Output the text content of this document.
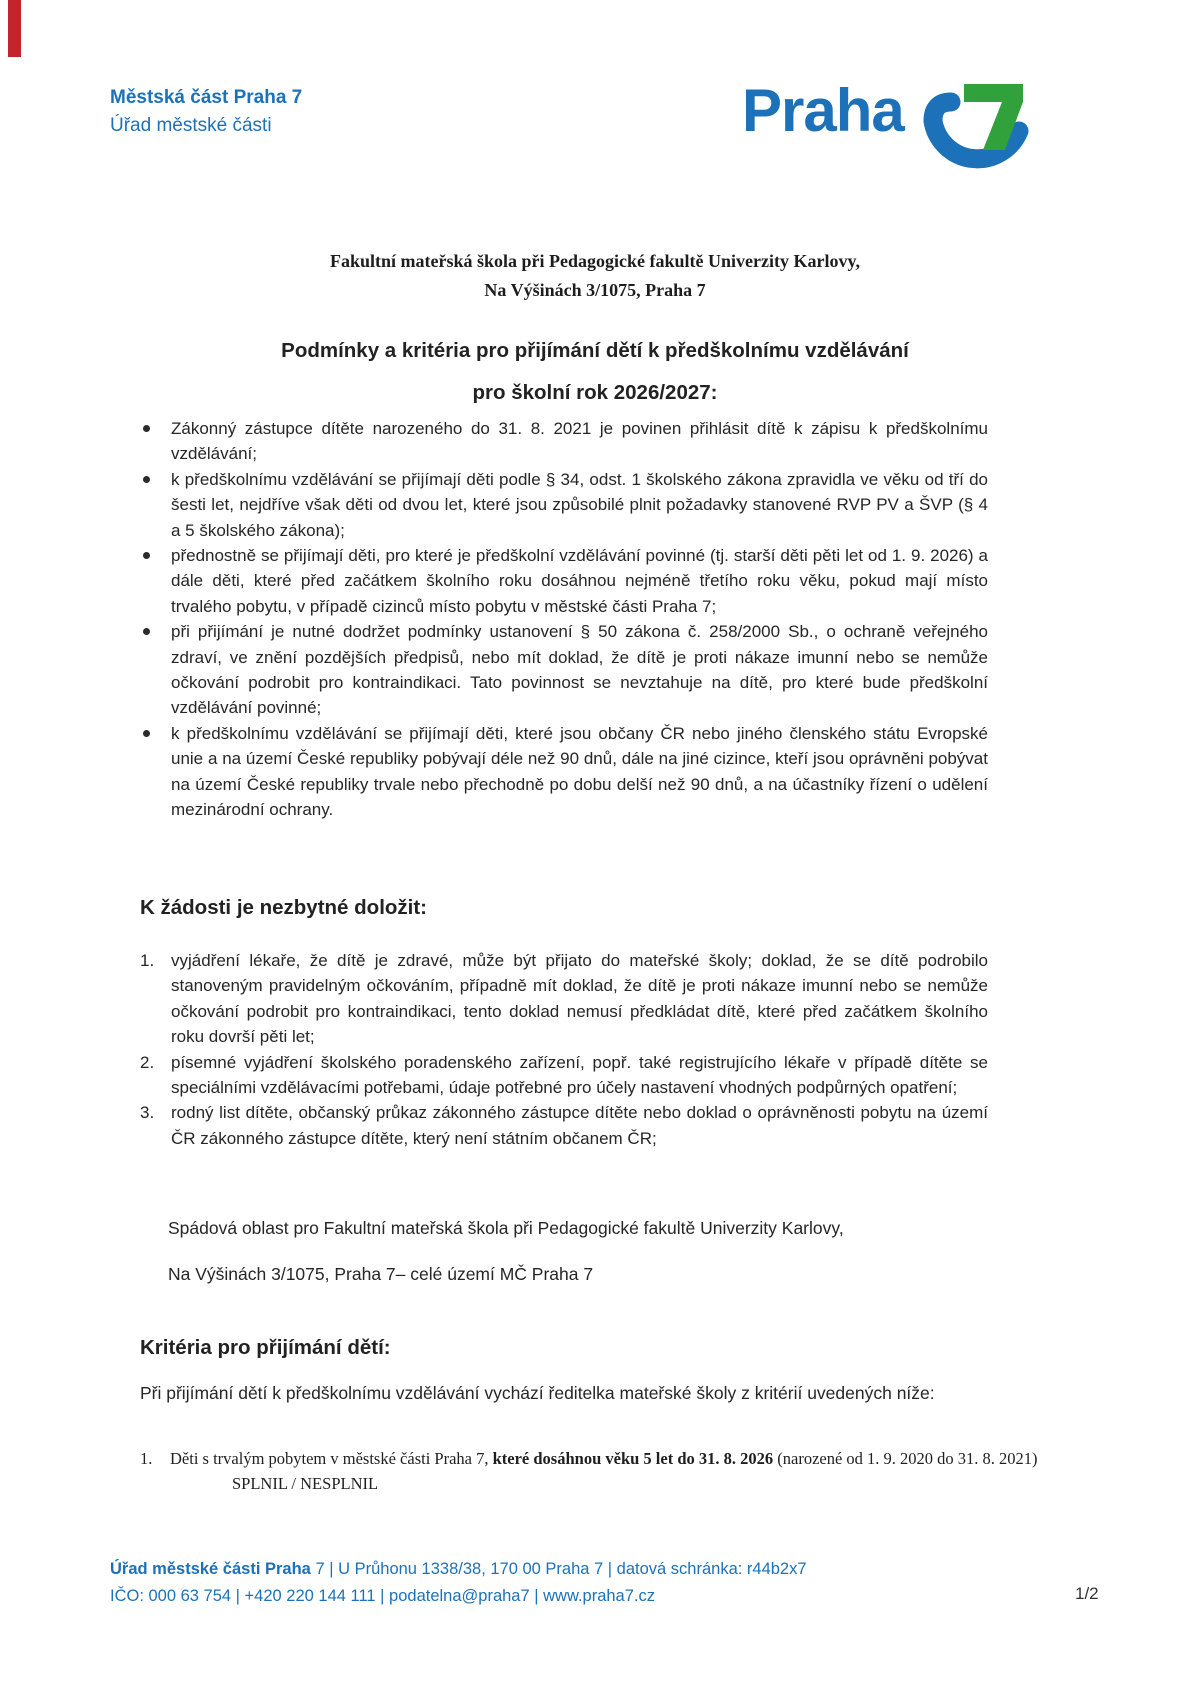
Městská část Praha 7
Úřad městské části	Praha
Fakultní mateřská škola při Pedagogické fakultě Univerzity Karlovy,
Na Výšinách 3/1075, Praha 7
Podmínky a kritéria pro přijímání dětí k předškolnímu vzdělávání
pro školní rok 2026/2027:
Zákonný zástupce dítěte narozeného do 31. 8. 2021 je povinen přihlásit dítě k zápisu k předškolnímu vzdělávání;
k předškolnímu vzdělávání se přijímají děti podle § 34, odst. 1 školského zákona zpravidla ve věku od tří do šesti let, nejdříve však děti od dvou let, které jsou způsobilé plnit požadavky stanovené RVP PV a ŠVP (§ 4 a 5 školského zákona);
přednostně se přijímají děti, pro které je předškolní vzdělávání povinné (tj. starší děti pěti let od 1. 9. 2026) a dále děti, které před začátkem školního roku dosáhnou nejméně třetího roku věku, pokud mají místo trvalého pobytu, v případě cizinců místo pobytu v městské části Praha 7;
při přijímání je nutné dodržet podmínky ustanovení § 50 zákona č. 258/2000 Sb., o ochraně veřejného zdraví, ve znění pozdějších předpisů, nebo mít doklad, že dítě je proti nákaze imunní nebo se nemůže očkování podrobit pro kontraindikaci. Tato povinnost se nevztahuje na dítě, pro které bude předškolní vzdělávání povinné;
k předškolnímu vzdělávání se přijímají děti, které jsou občany ČR nebo jiného členského státu Evropské unie a na území České republiky pobývají déle než 90 dnů, dále na jiné cizince, kteří jsou oprávněni pobývat na území České republiky trvale nebo přechodně po dobu delší než 90 dnů, a na účastníky řízení o udělení mezinárodní ochrany.
K žádosti je nezbytné doložit:
vyjádření lékaře, že dítě je zdravé, může být přijato do mateřské školy; doklad, že se dítě podrobilo stanoveným pravidelným očkováním, případně mít doklad, že dítě je proti nákaze imunní nebo se nemůže očkování podrobit pro kontraindikaci, tento doklad nemusí předkládat dítě, které před začátkem školního roku dovrší pěti let;
písemné vyjádření školského poradenského zařízení, popř. také registrujícího lékaře v případě dítěte se speciálními vzdělávacími potřebami, údaje potřebné pro účely nastavení vhodných podpůrných opatření;
rodný list dítěte, občanský průkaz zákonného zástupce dítěte nebo doklad o oprávněnosti pobytu na území ČR zákonného zástupce dítěte, který není státním občanem ČR;

Spádová oblast pro Fakultní mateřská škola při Pedagogické fakultě Univerzity Karlovy,

Na Výšinách 3/1075, Praha 7– celé území MČ Praha 7

Kritéria pro přijímání dětí:

Při přijímání dětí k předškolnímu vzdělávání vychází ředitelka mateřské školy z kritérií uvedených níže:

1. Děti s trvalým pobytem v městské části Praha 7, které dosáhnou věku 5 let do 31. 8. 2026 (narozené od 1. 9. 2020 do 31. 8. 2021) SPLNIL / NESPLNIL

Úřad městské části Praha 7 | U Průhonu 1338/38, 170 00 Praha 7 | datová schránka: r44b2x7
IČO: 000 63 754 | +420 220 144 111 | podatelna@praha7 | www.praha7.cz	1/2
